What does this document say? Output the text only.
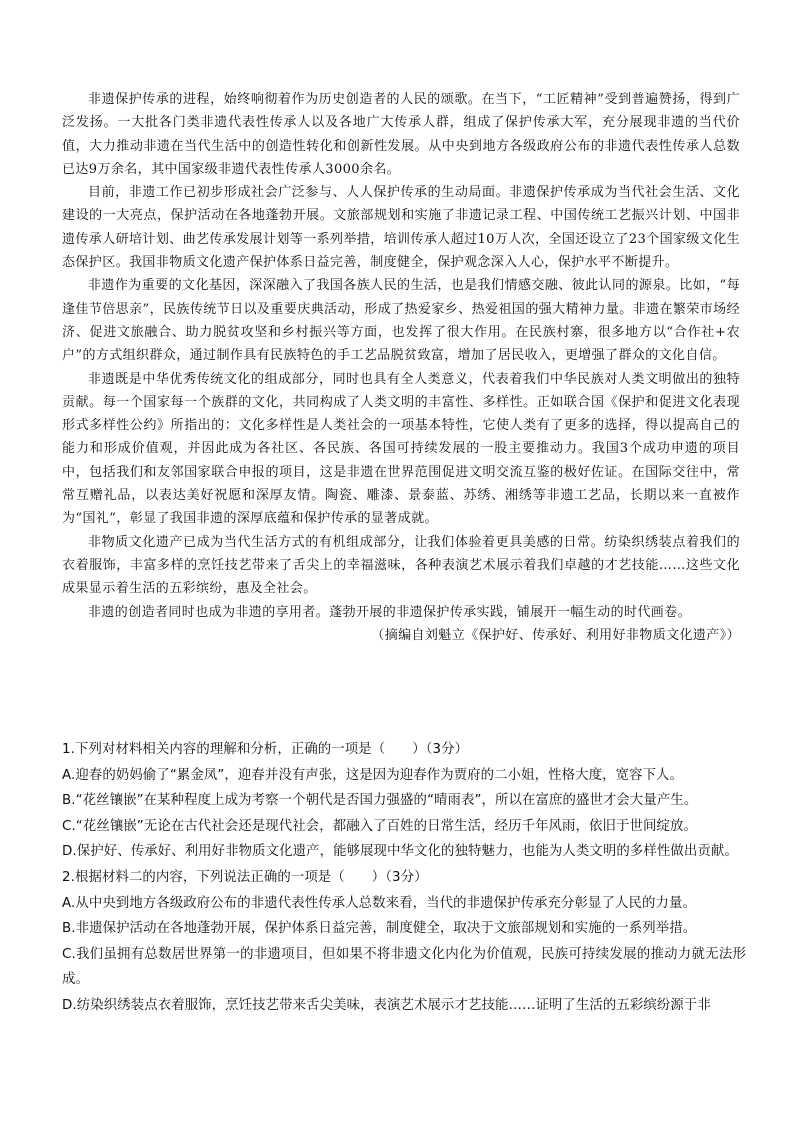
非遗保护传承的进程，始终响彻着作为历史创造者的人民的颂歌。在当下，“工匠精神”受到普遍赞扬，得到广泛发扬。一大批各门类非遗代表性传承人以及各地广大传承人群，组成了保护传承大军，充分展现非遗的当代价值，大力推动非遗在当代生活中的创造性转化和创新性发展。从中央到地方各级政府公布的非遗代表性传承人总数已达9万余名，其中国家级非遗代表性传承人3000余名。

目前，非遗工作已初步形成社会广泛参与、人人保护传承的生动局面。非遗保护传承成为当代社会生活、文化建设的一大亮点，保护活动在各地蓬勃开展。文旅部规划和实施了非遗记录工程、中国传统工艺振兴计划、中国非遗传承人研培计划、曲艺传承发展计划等一系列举措，培训传承人超过10万人次，全国还设立了23个国家级文化生态保护区。我国非物质文化遗产保护体系日益完善，制度健全，保护观念深入人心，保护水平不断提升。

非遗作为重要的文化基因，深深融入了我国各族人民的生活，也是我们情感交融、彼此认同的源泉。比如，“每逢佳节倍思亲”，民族传统节日以及重要庆典活动，形成了热爱家乡、热爱祖国的强大精神力量。非遗在繁荣市场经济、促进文旅融合、助力脱贫攻坚和乡村振兴等方面，也发挥了很大作用。在民族村寨，很多地方以“合作社+农户”的方式组织群众，通过制作具有民族特色的手工艺品脱贫致富，增加了居民收入，更增强了群众的文化自信。

非遗既是中华优秀传统文化的组成部分，同时也具有全人类意义，代表着我们中华民族对人类文明做出的独特贡献。每一个国家每一个族群的文化，共同构成了人类文明的丰富性、多样性。正如联合国《保护和促进文化表现形式多样性公约》所指出的：文化多样性是人类社会的一项基本特性，它使人类有了更多的选择，得以提高自己的能力和形成价值观，并因此成为各社区、各民族、各国可持续发展的一股主要推动力。我国3个成功申遗的项目中，包括我们和友邻国家联合申报的项目，这是非遗在世界范围促进文明交流互鉴的极好佐证。在国际交往中，常常互赠礼品，以表达美好祝愿和深厚友情。陶瓷、雕漆、景泰蓝、苏绣、湘绣等非遗工艺品，长期以来一直被作为“国礼”，彰显了我国非遗的深厚底蕴和保护传承的显著成就。

非物质文化遗产已成为当代生活方式的有机组成部分，让我们体验着更具美感的日常。纺染织绣装点着我们的衣着服饰，丰富多样的烹饪技艺带来了舌尖上的幸福滋味，各种表演艺术展示着我们卓越的才艺技能……这些文化成果显示着生活的五彩缤纷，惠及全社会。

非遗的创造者同时也成为非遗的享用者。蓬勃开展的非遗保护传承实践，铺展开一幅生动的时代画卷。

（摘编自刘魁立《保护好、传承好、利用好非物质文化遗产》）

1.下列对材料相关内容的理解和分析，正确的一项是（　　）（3分）

A.迎春的奶妈偷了“累金凤”，迎春并没有声张，这是因为迎春作为贾府的二小姐，性格大度，宽容下人。

B.“花丝镶嵌”在某种程度上成为考察一个朝代是否国力强盛的“晴雨表”，所以在富庶的盛世才会大量产生。

C.“花丝镶嵌”无论在古代社会还是现代社会，都融入了百姓的日常生活，经历千年风雨，依旧于世间绽放。

D.保护好、传承好、利用好非物质文化遗产，能够展现中华文化的独特魅力，也能为人类文明的多样性做出贡献。

2.根据材料二的内容，下列说法正确的一项是（　　）（3分）

A.从中央到地方各级政府公布的非遗代表性传承人总数来看，当代的非遗保护传承充分彰显了人民的力量。

B.非遗保护活动在各地蓬勃开展，保护体系日益完善，制度健全，取决于文旅部规划和实施的一系列举措。

C.我们虽拥有总数居世界第一的非遗项目，但如果不将非遗文化内化为价值观，民族可持续发展的推动力就无法形成。

D.纺染织绣装点衣着服饰，烹饪技艺带来舌尖美味，表演艺术展示才艺技能……证明了生活的五彩缤纷源于非
